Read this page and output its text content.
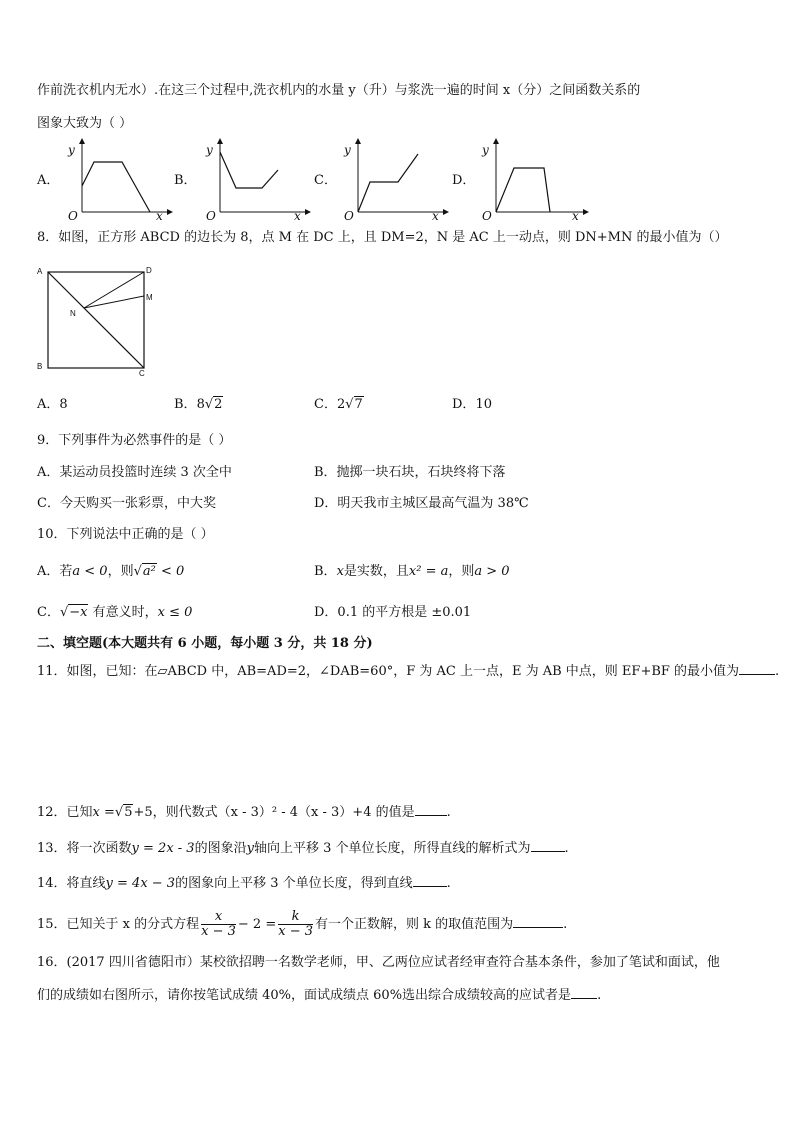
作前洗衣机内无水）.在这三个过程中,洗衣机内的水量 y（升）与浆洗一遍的时间 x（分）之间函数关系的
图象大致为（ ）
A．	B．	C．	D．
y
x
O
y
x
O
y
x
O
y
x
O
8．如图，正方形 ABCD 的边长为 8，点 M 在 DC 上，且 DM=2，N 是 AC 上一动点，则 DN+MN 的最小值为（）
A	D
M
N
B
C
A．8	B．8√2	C．2√7	D．10
9．下列事件为必然事件的是（ ）
A．某运动员投篮时连续 3 次全中	B．抛掷一块石块，石块终将下落
C．今天购买一张彩票，中大奖	D．明天我市主城区最高气温为 38℃
10．下列说法中正确的是（ ）
A．若a < 0，则√a² < 0	B．x是实数，且x² = a，则a > 0
C．√−x 有意义时，x ≤ 0	D．0.1 的平方根是 ±0.01
二、填空题(本大题共有 6 小题，每小题 3 分，共 18 分)
11．如图，已知：在▱ABCD 中，AB=AD=2，∠DAB=60°，F 为 AC 上一点，E 为 AB 中点，则 EF+BF 的最小值为	.
12．已知x =√5+5，则代数式（x - 3）² - 4（x - 3）+4 的值是 .
13．将一次函数y = 2x - 3的图象沿y轴向上平移 3 个单位长度，所得直线的解析式为	.
14．将直线y = 4x − 3的图象向上平移 3 个单位长度，得到直线	.
15．已知关于 x 的分式方程 $\frac{x}{x - 3} - 2 = \frac{k}{x - 3}$ 有一个正数解，则 k 的取值范围为	.
16．(2017 四川省德阳市）某校欲招聘一名数学老师，甲、乙两位应试者经审查符合基本条件，参加了笔试和面试，他
们的成绩如右图所示，请你按笔试成绩 40%，面试成绩点 60%选出综合成绩较高的应试者是 .
